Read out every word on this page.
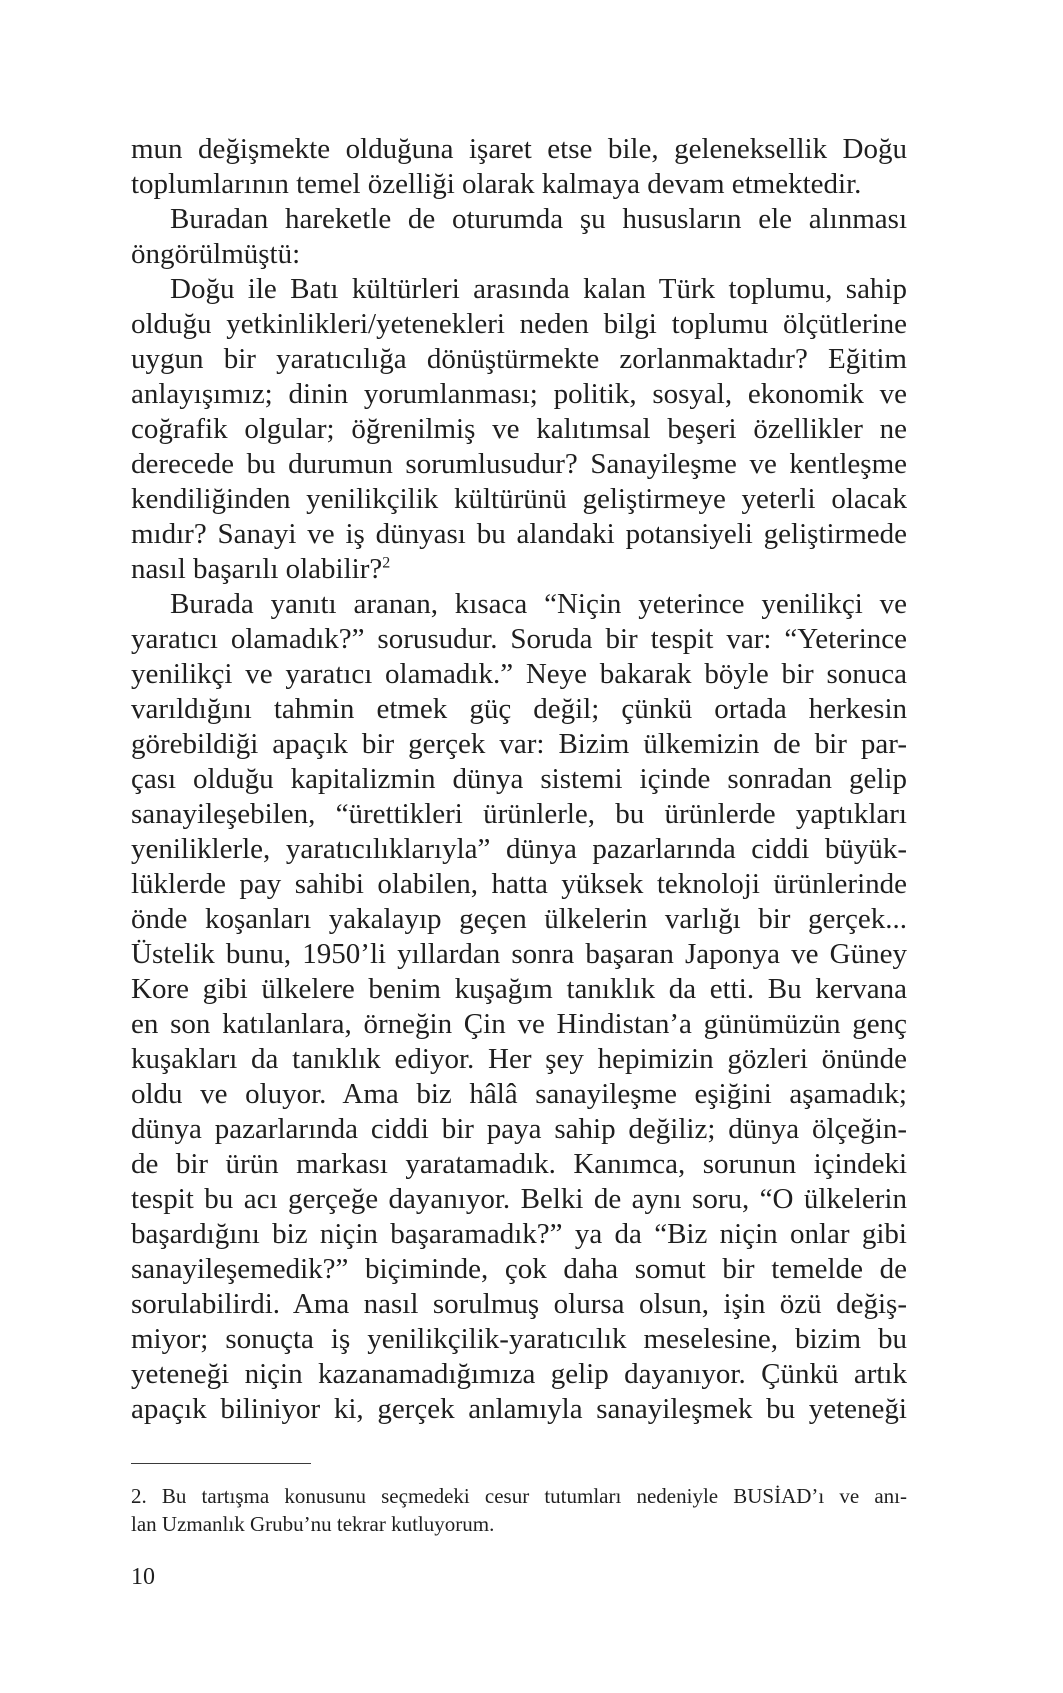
mun değişmekte olduğuna işaret etse bile, geleneksellik Doğu
toplumlarının temel özelliği olarak kalmaya devam etmektedir.
Buradan hareketle de oturumda şu hususların ele alınması
öngörülmüştü:
Doğu ile Batı kültürleri arasında kalan Türk toplumu, sahip
olduğu yetkinlikleri/yetenekleri neden bilgi toplumu ölçütlerine
uygun bir yaratıcılığa dönüştürmekte zorlanmaktadır? Eğitim
anlayışımız; dinin yorumlanması; politik, sosyal, ekonomik ve
coğrafik olgular; öğrenilmiş ve kalıtımsal beşeri özellikler ne
derecede bu durumun sorumlusudur? Sanayileşme ve kentleşme
kendiliğinden yenilikçilik kültürünü geliştirmeye yeterli olacak
mıdır? Sanayi ve iş dünyası bu alandaki potansiyeli geliştirmede
nasıl başarılı olabilir?$^2$
Burada yanıtı aranan, kısaca “Niçin yeterince yenilikçi ve
yaratıcı olamadık?” sorusudur. Soruda bir tespit var: “Yeterince
yenilikçi ve yaratıcı olamadık.” Neye bakarak böyle bir sonuca
varıldığını tahmin etmek güç değil; çünkü ortada herkesin
görebildiği apaçık bir gerçek var: Bizim ülkemizin de bir par-
çası olduğu kapitalizmin dünya sistemi içinde sonradan gelip
sanayileşebilen, “ürettikleri ürünlerle, bu ürünlerde yaptıkları
yeniliklerle, yaratıcılıklarıyla” dünya pazarlarında ciddi büyük-
lüklerde pay sahibi olabilen, hatta yüksek teknoloji ürünlerinde
önde koşanları yakalayıp geçen ülkelerin varlığı bir gerçek...
Üstelik bunu, 1950’li yıllardan sonra başaran Japonya ve Güney
Kore gibi ülkelere benim kuşağım tanıklık da etti. Bu kervana
en son katılanlara, örneğin Çin ve Hindistan’a günümüzün genç
kuşakları da tanıklık ediyor. Her şey hepimizin gözleri önünde
oldu ve oluyor. Ama biz hâlâ sanayileşme eşiğini aşamadık;
dünya pazarlarında ciddi bir paya sahip değiliz; dünya ölçeğin-
de bir ürün markası yaratamadık. Kanımca, sorunun içindeki
tespit bu acı gerçeğe dayanıyor. Belki de aynı soru, “O ülkelerin
başardığını biz niçin başaramadık?” ya da “Biz niçin onlar gibi
sanayileşemedik?” biçiminde, çok daha somut bir temelde de
sorulabilirdi. Ama nasıl sorulmuş olursa olsun, işin özü değiş-
miyor; sonuçta iş yenilikçilik-yaratıcılık meselesine, bizim bu
yeteneği niçin kazanamadığımıza gelip dayanıyor. Çünkü artık
apaçık biliniyor ki, gerçek anlamıyla sanayileşmek bu yeteneği
2. Bu tartışma konusunu seçmedeki cesur tutumları nedeniyle BUSİAD’ı ve anı-
lan Uzmanlık Grubu’nu tekrar kutluyorum.
10
